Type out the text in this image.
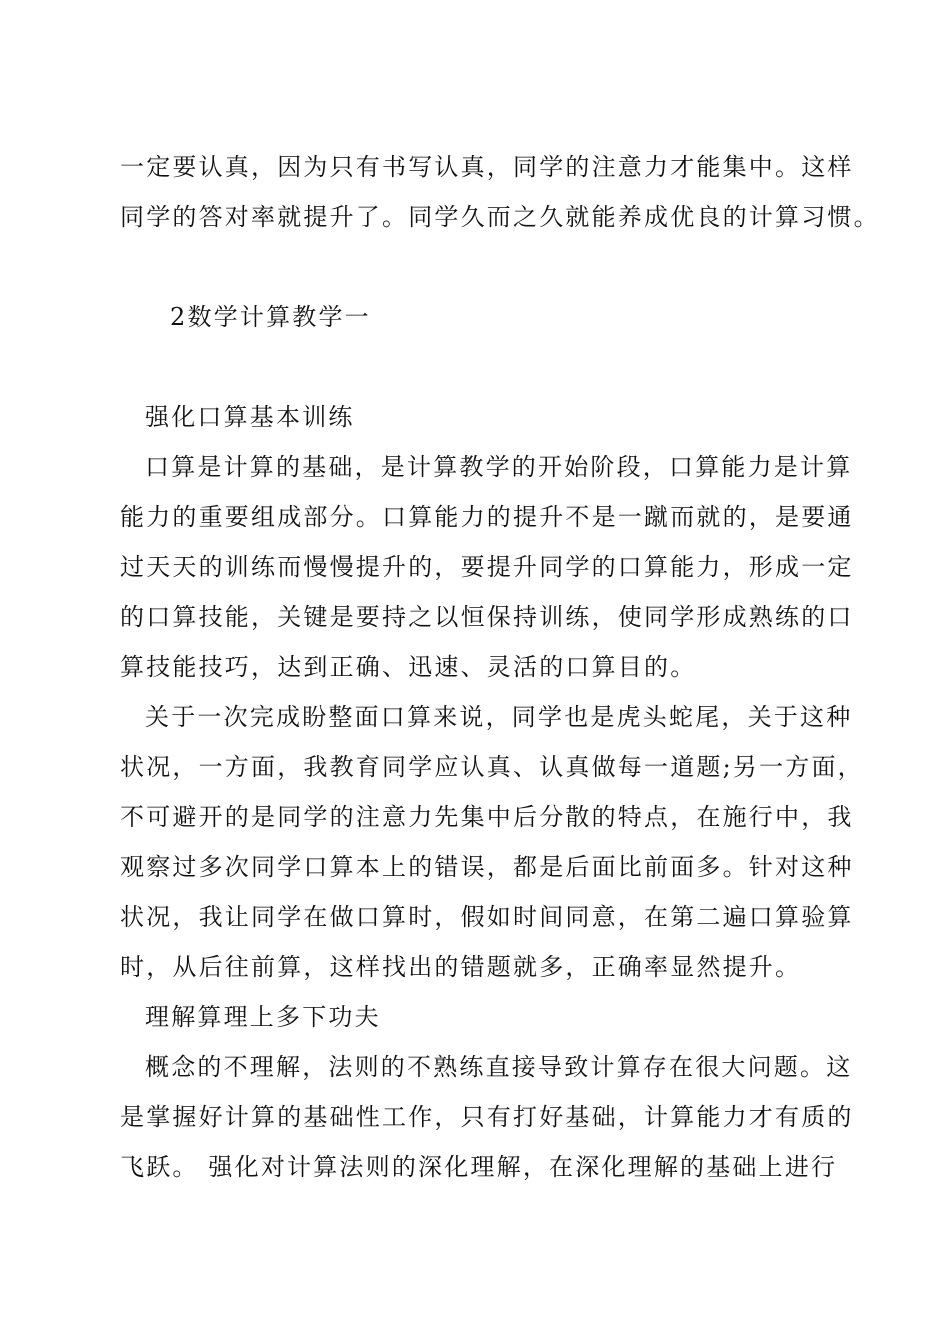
一定要认真，因为只有书写认真，同学的注意力才能集中。这样
同学的答对率就提升了。同学久而之久就能养成优良的计算习惯。
2数学计算教学一
强化口算基本训练
口算是计算的基础，是计算教学的开始阶段，口算能力是计算
能力的重要组成部分。口算能力的提升不是一蹴而就的，是要通
过天天的训练而慢慢提升的，要提升同学的口算能力，形成一定
的口算技能，关键是要持之以恒保持训练，使同学形成熟练的口
算技能技巧，达到正确、迅速、灵活的口算目的。
关于一次完成盼整面口算来说，同学也是虎头蛇尾，关于这种
状况，一方面，我教育同学应认真、认真做每一道题;另一方面，
不可避开的是同学的注意力先集中后分散的特点，在施行中，我
观察过多次同学口算本上的错误，都是后面比前面多。针对这种
状况，我让同学在做口算时，假如时间同意，在第二遍口算验算
时，从后往前算，这样找出的错题就多，正确率显然提升。
理解算理上多下功夫
概念的不理解，法则的不熟练直接导致计算存在很大问题。这
是掌握好计算的基础性工作，只有打好基础，计算能力才有质的
飞跃。 强化对计算法则的深化理解，在深化理解的基础上进行
